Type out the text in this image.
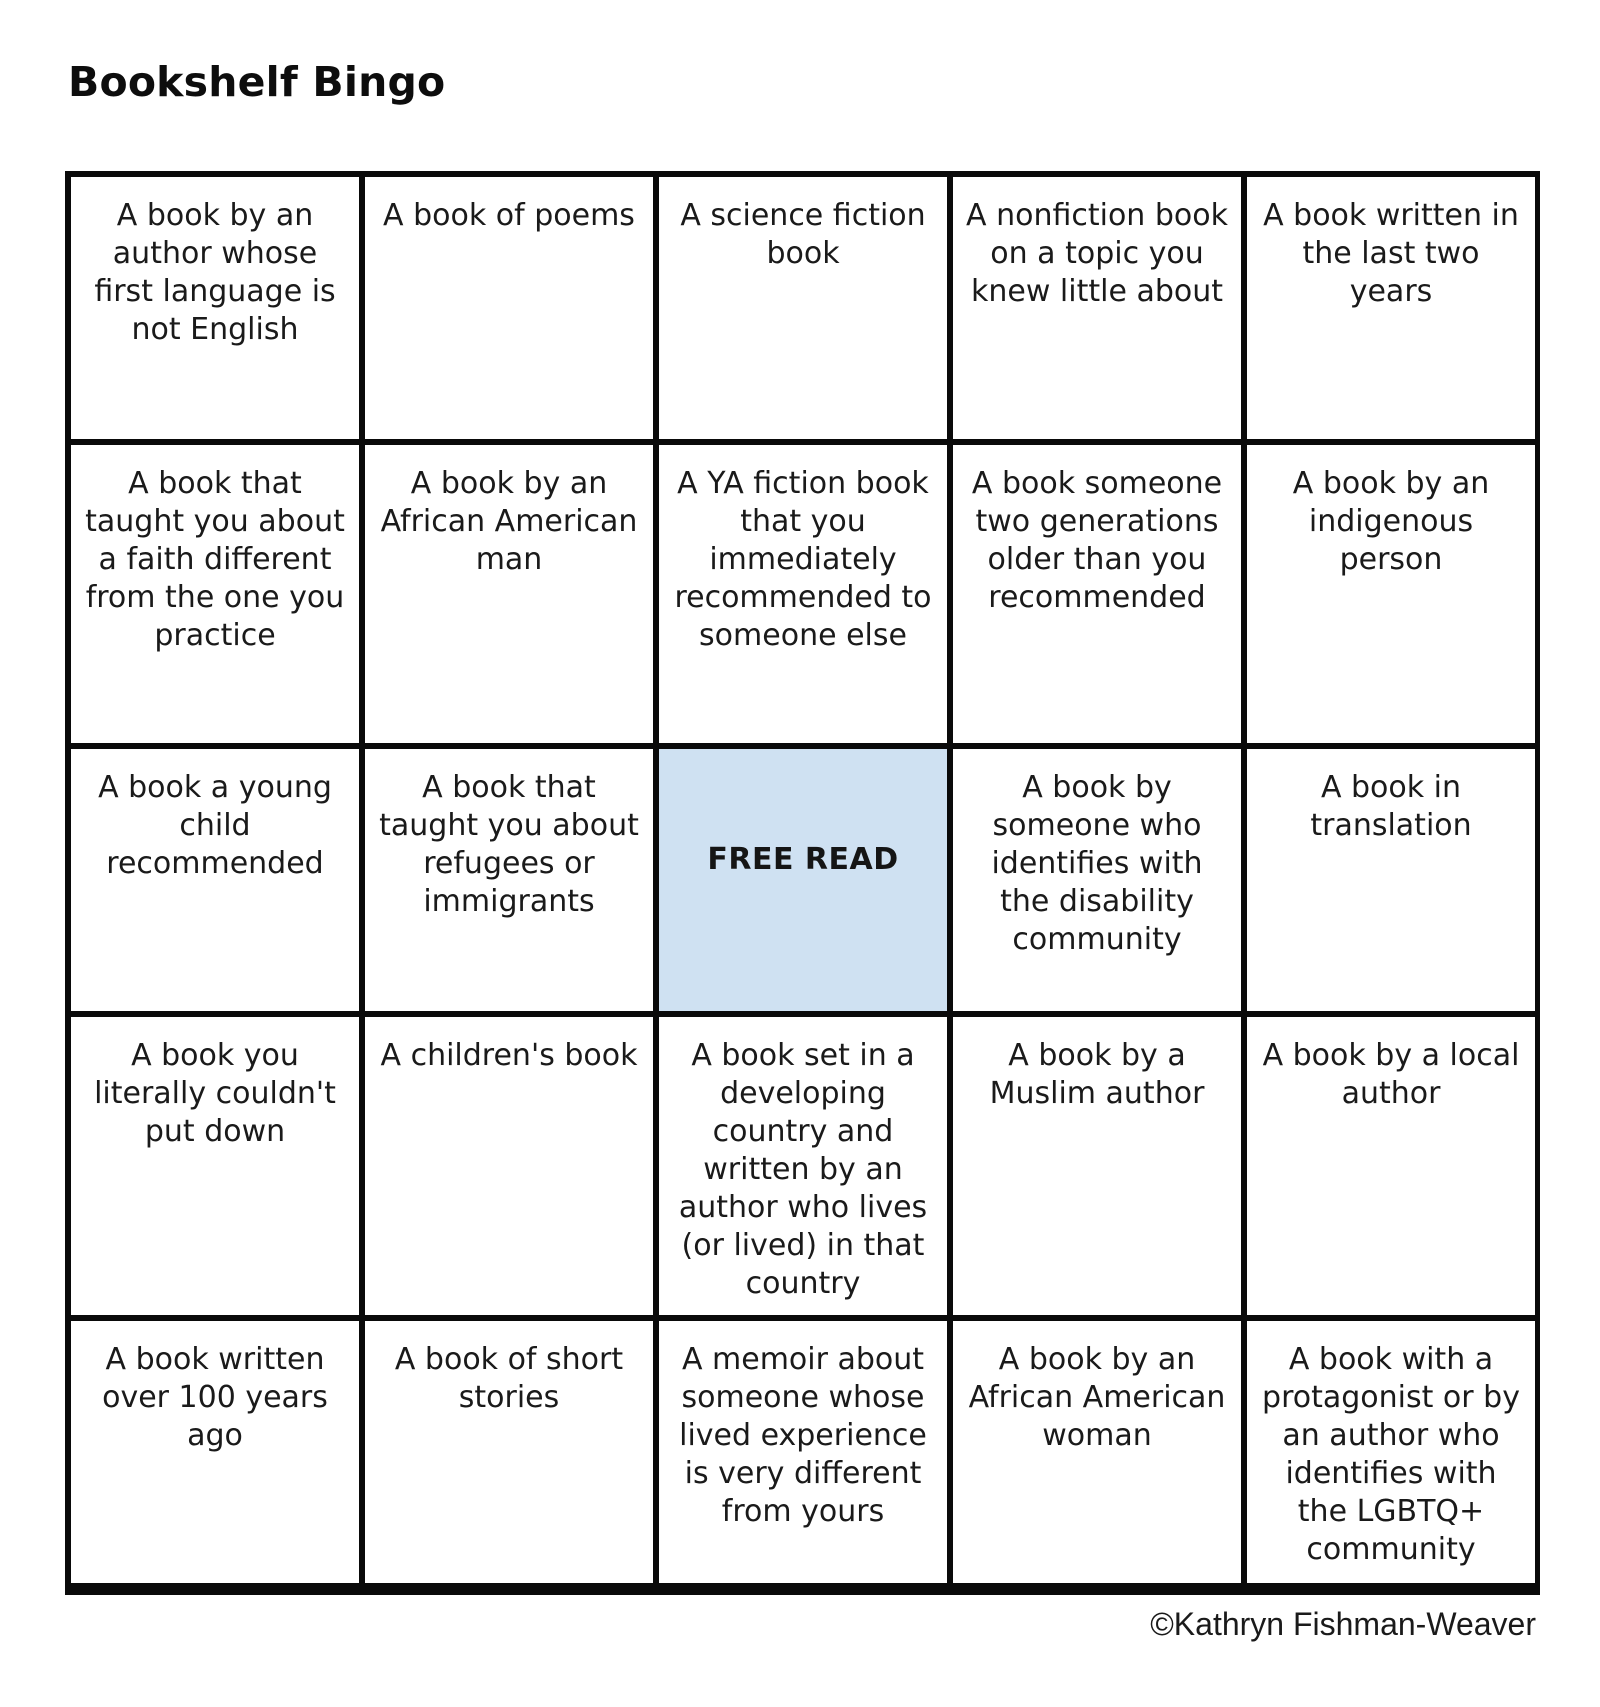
Bookshelf Bingo
A book by an author whose first language is not English
A book of poems	A science fiction book
A nonfiction book on a topic you knew little about
A book written in the last two years
A book that taught you about a faith different from the one you practice
A book by an African American man
A YA fiction book that you immediately recommended to someone else
A book someone two generations older than you recommended
A book by an indigenous person
A book a young child recommended
A book that taught you about refugees or immigrants
FREE READ
A book by someone who identifies with the disability community
A book in translation
A book you literally couldn't put down
A children's book	A book set in a developing country and written by an author who lives (or lived) in that country
A book by a Muslim author
A book by a local author
A book written over 100 years ago
A book of short stories
A memoir about someone whose lived experience is very different from yours
A book by an African American woman
A book with a protagonist or by an author who identifies with the LGBTQ+ community
©Kathryn Fishman-Weaver
